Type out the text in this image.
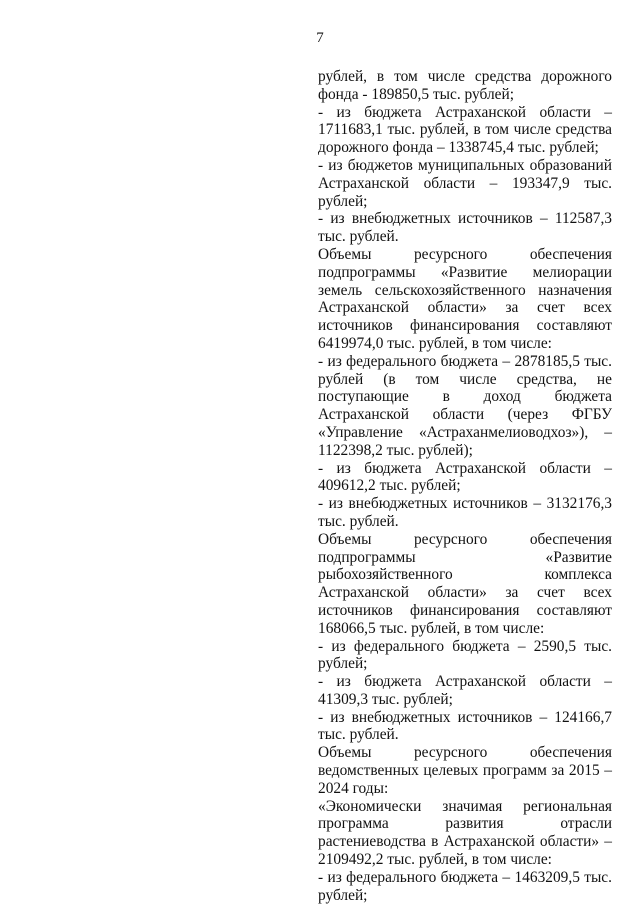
7

рублей, в том числе средства дорожного фонда - 189850,5 тыс. рублей;

- из бюджета Астраханской области – 1711683,1 тыс. рублей, в том числе средства дорожного фонда – 1338745,4 тыс. рублей;

- из бюджетов муниципальных образований Астраханской области – 193347,9 тыс. рублей;

- из внебюджетных источников – 112587,3 тыс. рублей.

Объемы ресурсного обеспечения подпрограммы «Развитие мелиорации земель сельскохозяйственного назначения Астраханской области» за счет всех источников финансирования составляют 6419974,0 тыс. рублей, в том числе:

- из федерального бюджета – 2878185,5 тыс. рублей (в том числе средства, не поступающие в доход бюджета Астраханской области (через ФГБУ «Управление «Астраханмелиоводхоз»), – 1122398,2 тыс. рублей);

- из бюджета Астраханской области – 409612,2 тыс. рублей;

- из внебюджетных источников – 3132176,3 тыс. рублей.

Объемы ресурсного обеспечения подпрограммы «Развитие рыбохозяйственного комплекса Астраханской области» за счет всех источников финансирования составляют 168066,5 тыс. рублей, в том числе:

- из федерального бюджета – 2590,5 тыс. рублей;

- из бюджета Астраханской области – 41309,3 тыс. рублей;

- из внебюджетных источников – 124166,7 тыс. рублей.

Объемы ресурсного обеспечения ведомственных целевых программ за 2015 – 2024 годы:

«Экономически значимая региональная программа развития отрасли растениеводства в Астраханской области» – 2109492,2 тыс. рублей, в том числе:

- из федерального бюджета – 1463209,5 тыс. рублей;
